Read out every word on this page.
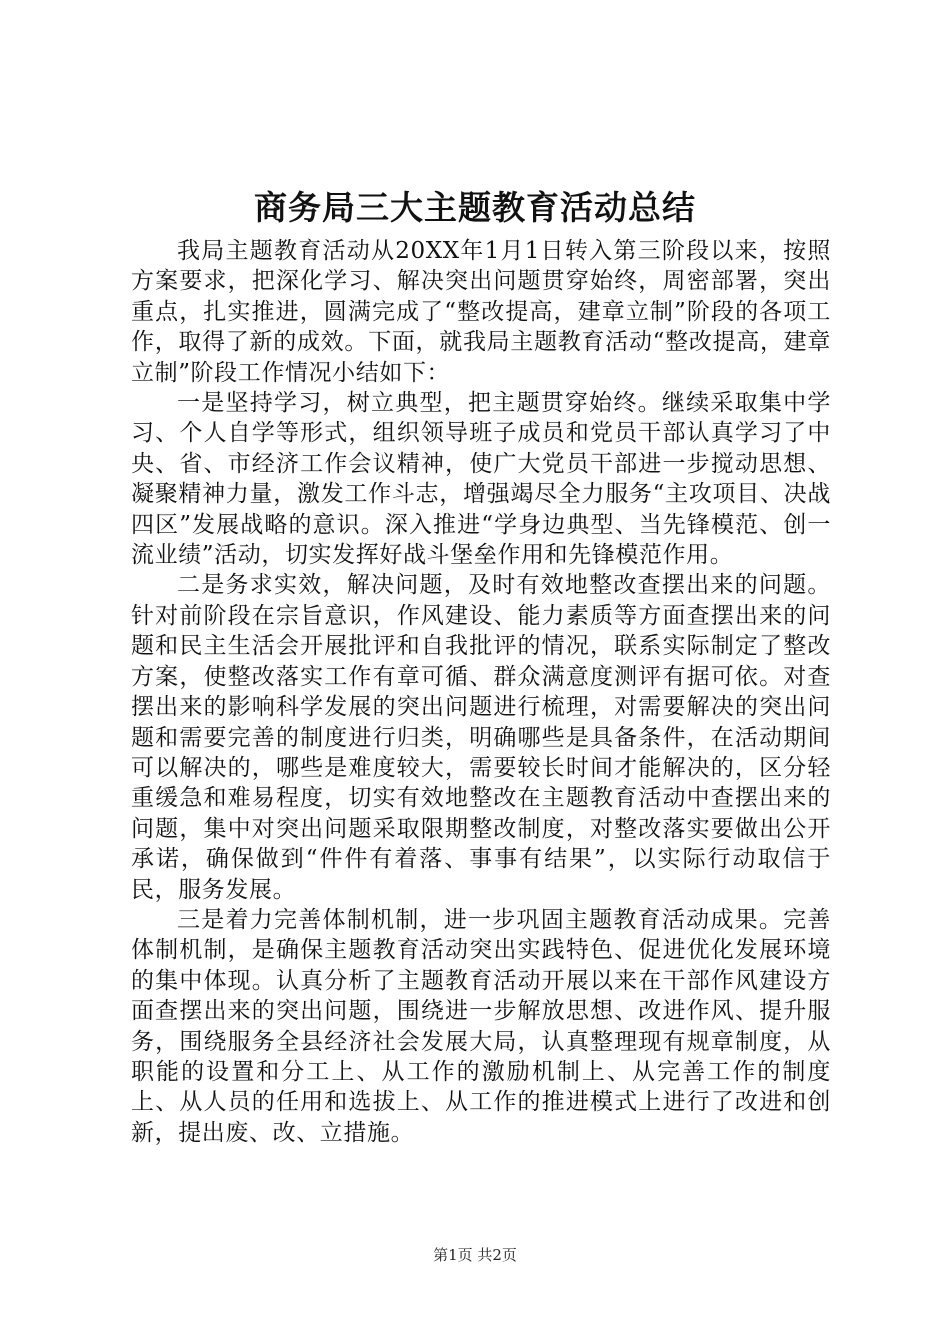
商务局三大主题教育活动总结

我局主题教育活动从20XX年1月1日转入第三阶段以来，按照方案要求，把深化学习、解决突出问题贯穿始终，周密部署，突出重点，扎实推进，圆满完成了“整改提高，建章立制”阶段的各项工作，取得了新的成效。下面，就我局主题教育活动“整改提高，建章立制”阶段工作情况小结如下：

一是坚持学习，树立典型，把主题贯穿始终。继续采取集中学习、个人自学等形式，组织领导班子成员和党员干部认真学习了中央、省、市经济工作会议精神，使广大党员干部进一步搅动思想、凝聚精神力量，激发工作斗志，增强竭尽全力服务“主攻项目、决战四区”发展战略的意识。深入推进“学身边典型、当先锋模范、创一流业绩”活动，切实发挥好战斗堡垒作用和先锋模范作用。

二是务求实效，解决问题，及时有效地整改查摆出来的问题。针对前阶段在宗旨意识，作风建设、能力素质等方面查摆出来的问题和民主生活会开展批评和自我批评的情况，联系实际制定了整改方案，使整改落实工作有章可循、群众满意度测评有据可依。对查摆出来的影响科学发展的突出问题进行梳理，对需要解决的突出问题和需要完善的制度进行归类，明确哪些是具备条件，在活动期间可以解决的，哪些是难度较大，需要较长时间才能解决的，区分轻重缓急和难易程度，切实有效地整改在主题教育活动中查摆出来的问题，集中对突出问题采取限期整改制度，对整改落实要做出公开承诺，确保做到“件件有着落、事事有结果”，以实际行动取信于民，服务发展。

三是着力完善体制机制，进一步巩固主题教育活动成果。完善体制机制，是确保主题教育活动突出实践特色、促进优化发展环境的集中体现。认真分析了主题教育活动开展以来在干部作风建设方面查摆出来的突出问题，围绕进一步解放思想、改进作风、提升服务，围绕服务全县经济社会发展大局，认真整理现有规章制度，从职能的设置和分工上、从工作的激励机制上、从完善工作的制度上、从人员的任用和选拔上、从工作的推进模式上进行了改进和创新，提出废、改、立措施。

第1页 共2页
